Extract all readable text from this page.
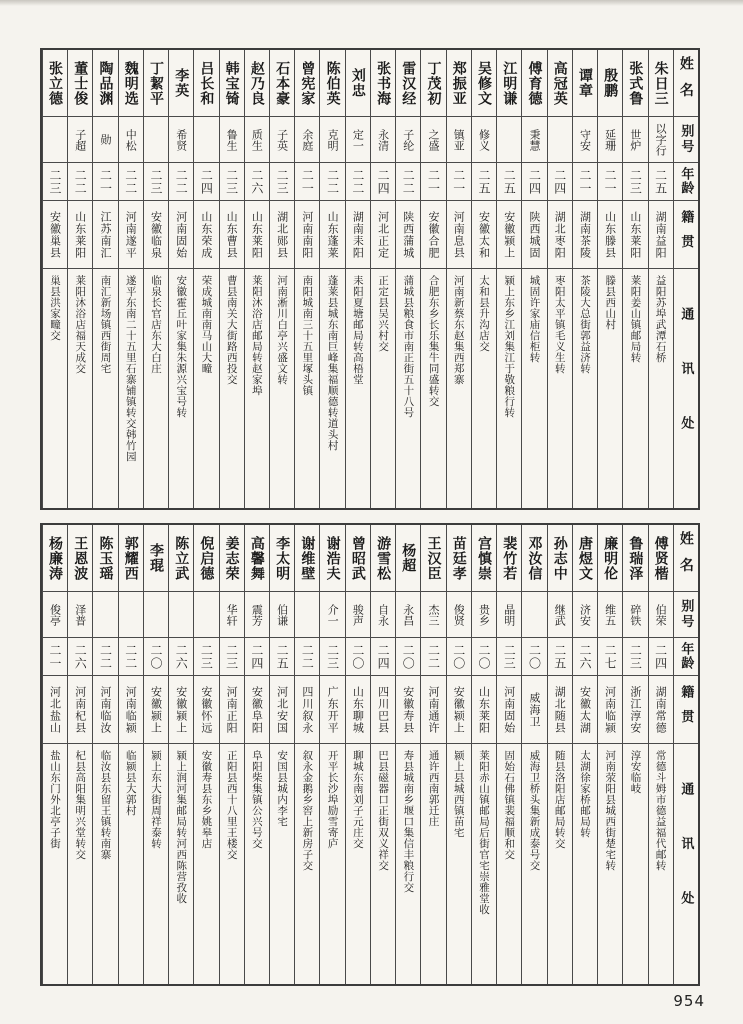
姓名
别号
年龄
籍贯
通讯处
朱日三
以字行
二五
湖南益阳
益阳苏埠武潭石桥
张式鲁
世炉
二三
山东莱阳
莱阳姜山镇邮局转
殷鹏
延珊
二一
山东滕县
滕县西山村
谭章
守安
二一
湖南茶陵
茶陵大总街郭益济转
高冠英
二四
湖北枣阳
枣阳太平镇毛义生转
傅育德
秉慧
二四
陕西城固
城固许家庙信柜转
江明谦
二五
安徽颍上
颍上东乡江刘集江于敬粮行转
吴修文
修义
二五
安徽太和
太和县升沟店交
郑振亚
镇亚
二一
河南息县
河南新蔡东赵集西郑寨
丁茂初
之盛
二一
安徽合肥
合肥东乡长乐集牛同盛转交
雷汉经
子纶
二二
陕西蒲城
蒲城县粮食市南正街五十八号
张书海
永清
二四
河北正定
正定县吴兴村交
刘忠
定一
二二
湖南耒阳
耒阳夏塘邮局转高梧堂
陈伯英
克明
二二
山东蓬莱
蓬莱县城东南巨峰集福顺德转道头村
曾宪家
余庭
二一
河南南阳
南阳城南三十五里塚头镇
石本豪
子英
二三
湖北郧县
河南淅川白亭兴盛文转
赵乃良
质生
二六
山东莱阳
莱阳沐浴店邮局转赵家埠
韩宝锜
鲁生
二三
山东曹县
曹县南关大街路西投交
吕长和
二四
山东荣成
荣成城南南马山大疃
李英
希贤
二二
河南固始
安徽霍丘叶家集朱源兴宝号转
丁絜平
二三
安徽临泉
临泉长官店东大白庄
魏明选
中松
二二
河南遂平
遂平东南二十五里石寨铺镇转交韩竹园
陶品渊
勋
二一
江苏南汇
南汇新场镇西街周宅
董士俊
子超
二二
山东莱阳
莱阳沐浴店福天成交
张立德
二三
安徽巢县
巢县洪家疃交
姓名
别号
年龄
籍贯
通讯处
傅贤楷
伯荣
二四
湖南常德
常德斗姆市德益福代邮转
鲁瑞泽
碎铁
二三
浙江淳安
淳安临岐
廉明伦
维五
二七
河南临颍
河南荥阳县城西街楚宅转
唐煜文
济安
二六
安徽太湖
太湖徐家桥邮局转
孙志中
继武
二五
湖北随县
随县洛阳店邮局转交
邓汝信
二〇
威海卫
威海卫桥头集新成泰号交
裴竹若
晶明
二三
河南固始
固始石佛镇裴福顺和交
宫慎崇
贵乡
二〇
山东莱阳
莱阳赤山镇邮局后街官宅崇雅堂收
苗廷孝
俊贤
二〇
安徽颍上
颍上县城西镇苗宅
王汉臣
杰三
二二
河南通许
通许西南郭迁庄
杨超
永昌
二〇
安徽寿县
寿县城南乡堰口集信丰粮行交
游雪松
自永
二四
四川巴县
巴县磁器口正街双义祥交
曾昭武
骏声
二〇
山东聊城
聊城东南刘子元庄交
谢浩夫
介一
二三
广东开平
开平长沙埠励雪寄庐
谢维壁
二二
四川叙永
叙永金鹅乡窖上新房子交
李太明
伯谦
二五
河北安国
安国县城内李宅
高馨舞
震芳
二四
安徽阜阳
阜阳柴集镇公兴号交
姜志荣
华轩
二三
河南正阳
正阳县西十八里王楼交
倪启德
二三
安徽怀远
安徽寿县东乡姚皋店
陈立武
二六
安徽颍上
颍上润河集邮局转河西陈营孜收
李琨
二〇
安徽颍上
颍上东大街周祥泰转
郭耀西
二二
河南临颍
临颍县大郭村
陈玉瑶
二二
河南临汝
临汝县东留王镇转南寨
王恩波
泽普
二六
河南杞县
杞县高阳集明兴堂转交
杨廉涛
俊亭
二一
河北盐山
盐山东门外北亭子街
954
